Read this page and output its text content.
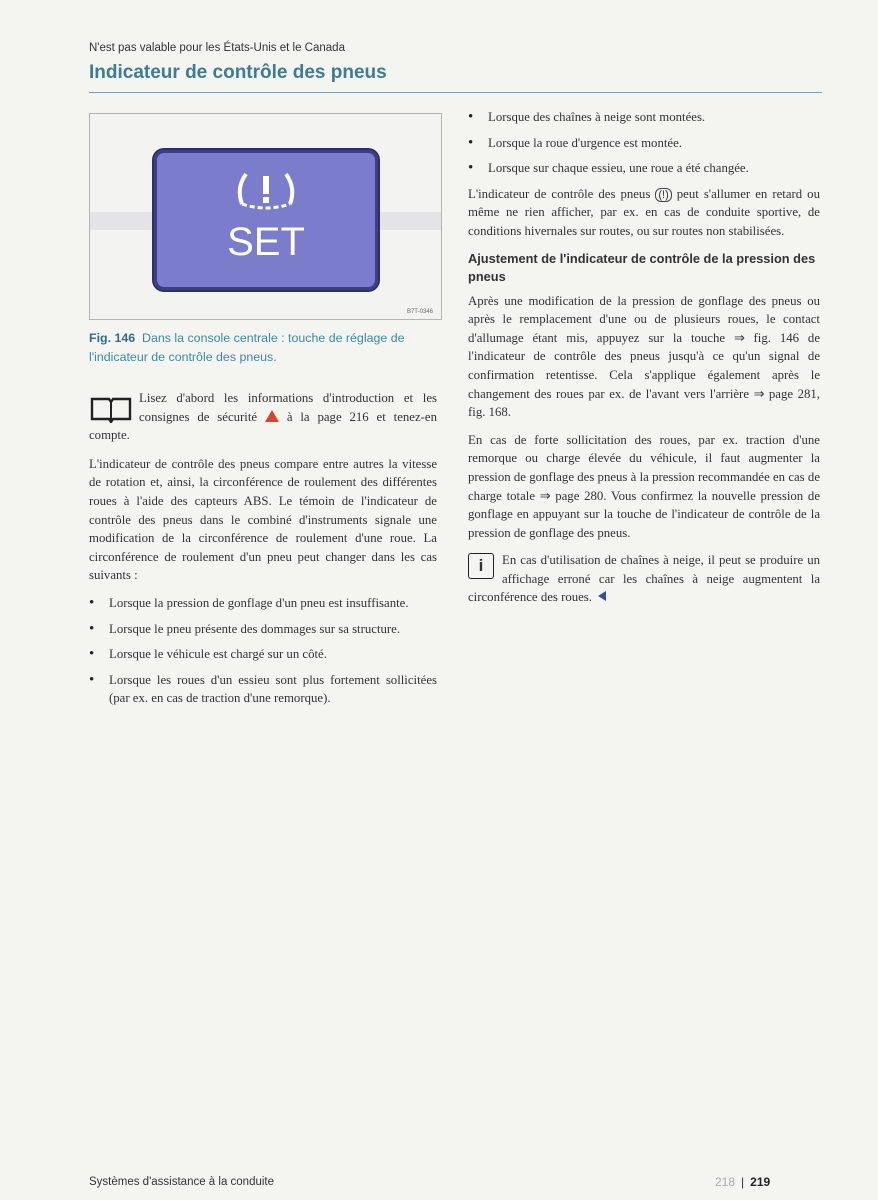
N'est pas valable pour les États-Unis et le Canada
Indicateur de contrôle des pneus
SET
B7T-0346
Fig. 146 Dans la console centrale : touche de réglage de l'indicateur de contrôle des pneus.

Lisez d'abord les informations d'introduction et les consignes de sécurité à la page 216 et tenez-en compte.

L'indicateur de contrôle des pneus compare entre autres la vitesse de rotation et, ainsi, la circonférence de roulement des différentes roues à l'aide des capteurs ABS. Le témoin de l'indicateur de contrôle des pneus dans le combiné d'instruments signale une modification de la circonférence de roulement d'une roue. La circonférence de roulement d'un pneu peut changer dans les cas suivants :

• Lorsque la pression de gonflage d'un pneu est insuffisante.
• Lorsque le pneu présente des dommages sur sa structure.
• Lorsque le véhicule est chargé sur un côté.
• Lorsque les roues d'un essieu sont plus fortement sollicitées (par ex. en cas de traction d'une remorque).
• Lorsque des chaînes à neige sont montées.
• Lorsque la roue d'urgence est montée.
• Lorsque sur chaque essieu, une roue a été changée.

L'indicateur de contrôle des pneus (!) peut s'allumer en retard ou même ne rien afficher, par ex. en cas de conduite sportive, de conditions hivernales sur routes, ou sur routes non stabilisées.

Ajustement de l'indicateur de contrôle de la pression des pneus

Après une modification de la pression de gonflage des pneus ou après le remplacement d'une ou de plusieurs roues, le contact d'allumage étant mis, appuyez sur la touche ⇒ fig. 146 de l'indicateur de contrôle des pneus jusqu'à ce qu'un signal de confirmation retentisse. Cela s'applique également après le changement des roues par ex. de l'avant vers l'arrière ⇒ page 281, fig. 168.

En cas de forte sollicitation des roues, par ex. traction d'une remorque ou charge élevée du véhicule, il faut augmenter la pression de gonflage des pneus à la pression recommandée en cas de charge totale ⇒ page 280. Vous confirmez la nouvelle pression de gonflage en appuyant sur la touche de l'indicateur de contrôle de la pression de gonflage des pneus.

i	En cas d'utilisation de chaînes à neige, il peut se produire un affichage erroné car les chaînes à neige augmentent la circonférence des roues.

Systèmes d'assistance à la conduite	218 | 219
